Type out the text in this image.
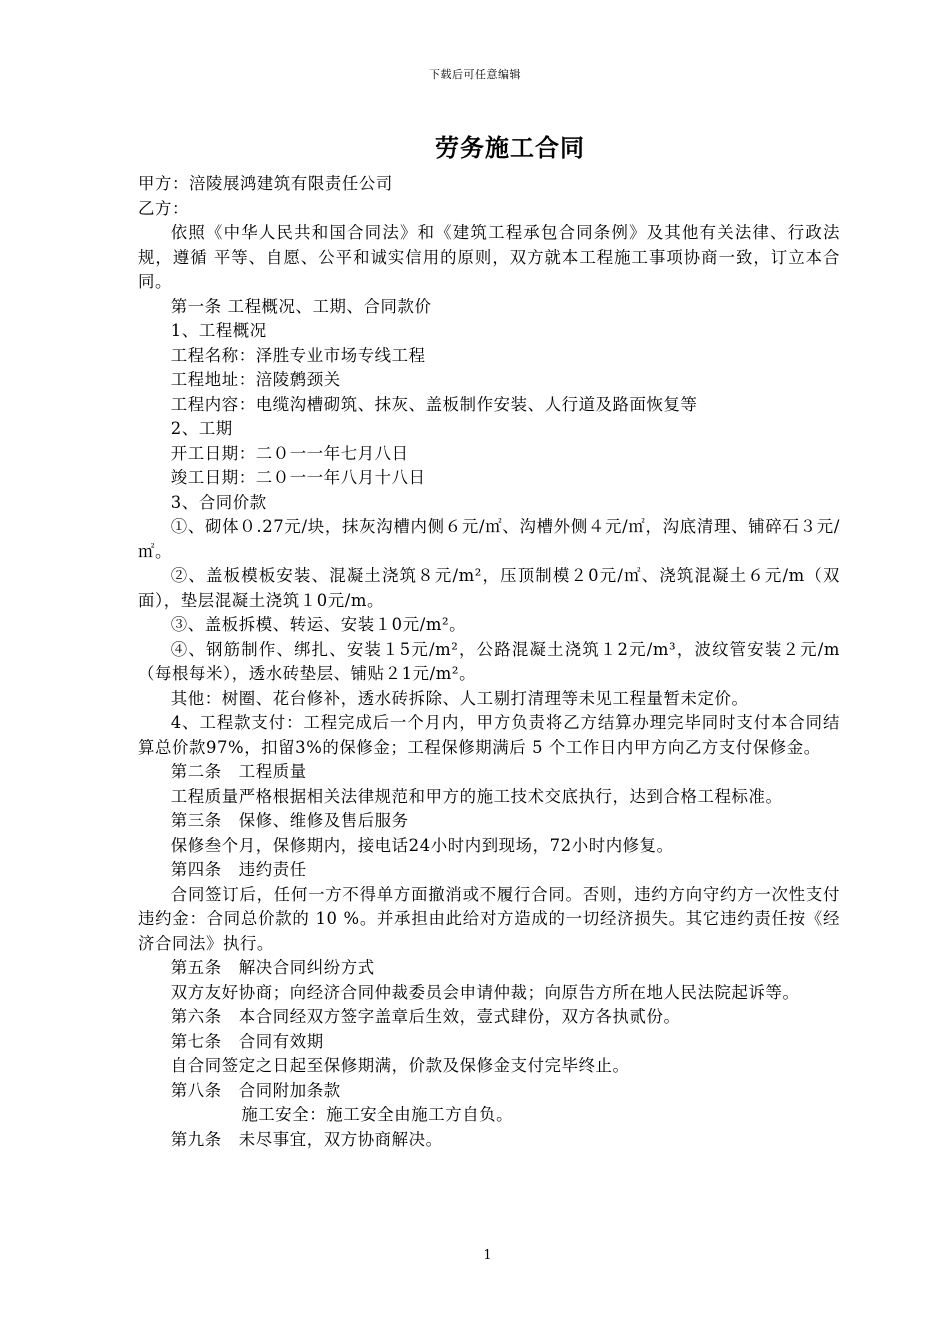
下载后可任意编辑
劳务施工合同

甲方：涪陵展鸿建筑有限责任公司

乙方：

依照《中华人民共和国合同法》和《建筑工程承包合同条例》及其他有关法律、行政法规，遵循 平等、自愿、公平和诚实信用的原则，双方就本工程施工事项协商一致，订立本合同。

第一条 工程概况、工期、合同款价

1、工程概况

工程名称：泽胜专业市场专线工程

工程地址：涪陵鹩颈关

工程内容：电缆沟槽砌筑、抹灰、盖板制作安装、人行道及路面恢复等

2、工期

开工日期：二０一一年七月八日

竣工日期：二０一一年八月十八日

3、合同价款

①、砌体０.27元/块，抹灰沟槽内侧６元/㎡、沟槽外侧４元/㎡，沟底清理、铺碎石３元/㎡。

②、盖板模板安装、混凝土浇筑８元/m²，压顶制模２0元/㎡、浇筑混凝土６元/m（双面），垫层混凝土浇筑１0元/m。

③、盖板拆模、转运、安装１0元/m²。

④、钢筋制作、绑扎、安装１5元/m²，公路混凝土浇筑１2元/m³，波纹管安装２元/m（每根每米），透水砖垫层、铺贴２1元/m²。

其他：树圈、花台修补，透水砖拆除、人工剔打清理等未见工程量暂未定价。

4、工程款支付：工程完成后一个月内，甲方负责将乙方结算办理完毕同时支付本合同结算总价款97%，扣留3%的保修金；工程保修期满后 5 个工作日内甲方向乙方支付保修金。

第二条　工程质量

工程质量严格根据相关法律规范和甲方的施工技术交底执行，达到合格工程标准。

第三条　保修、维修及售后服务

保修叁个月，保修期内，接电话24小时内到现场，72小时内修复。

第四条　违约责任

合同签订后，任何一方不得单方面撤消或不履行合同。否则，违约方向守约方一次性支付违约金：合同总价款的 10 %。并承担由此给对方造成的一切经济损失。其它违约责任按《经济合同法》执行。

第五条　解决合同纠纷方式

双方友好协商；向经济合同仲裁委员会申请仲裁；向原告方所在地人民法院起诉等。

第六条　本合同经双方签字盖章后生效，壹式肆份，双方各执贰份。

第七条　合同有效期

自合同签定之日起至保修期满，价款及保修金支付完毕终止。

第八条　合同附加条款

施工安全：施工安全由施工方自负。

第九条　未尽事宜，双方协商解决。

1
